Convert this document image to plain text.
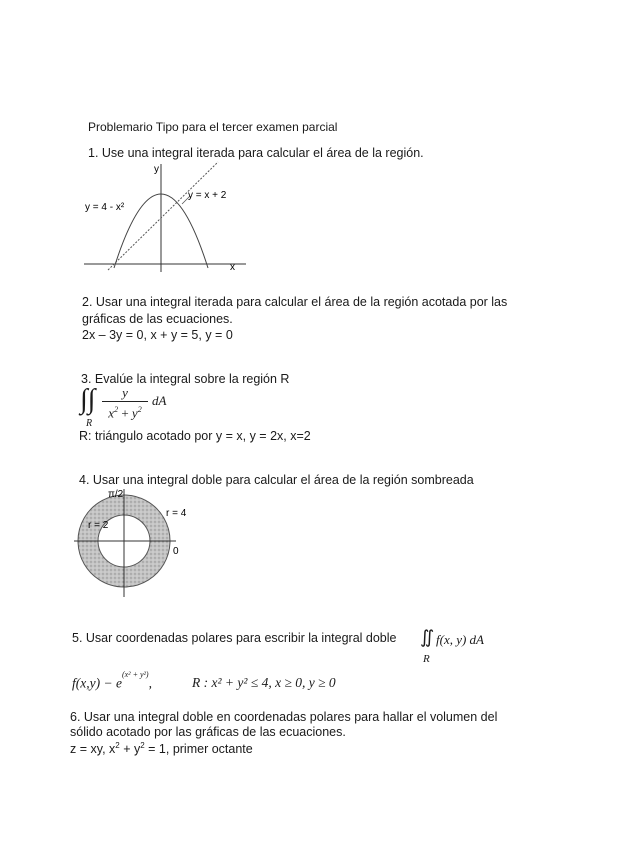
Problemario Tipo para el tercer examen parcial
1. Use una integral iterada para calcular el área de la región.
y
x
y = 4 - x²
y = x + 2
2. Usar una integral iterada para calcular el área de la región acotada por las
gráficas de las ecuaciones.
2x – 3y = 0, x + y = 5, y = 0
3. Evalúe la integral sobre la región R
∫∫
R
y
$x^2 + y^2$
dA
R: triángulo acotado por y = x, y = 2x, x=2
4. Usar una integral doble para calcular el área de la región sombreada
π/2
r = 4
r = 2
0
5. Usar coordenadas polares para escribir la integral doble ∬ f(x, y) dA
R
$f(x,y) - e^{(x^2 + y^2)}$,	R : x² + y² ≤ 4, x ≥ 0, y ≥ 0
6. Usar una integral doble en coordenadas polares para hallar el volumen del
sólido acotado por las gráficas de las ecuaciones.
z = xy, $x^2 + y^2 = 1$, primer octante
